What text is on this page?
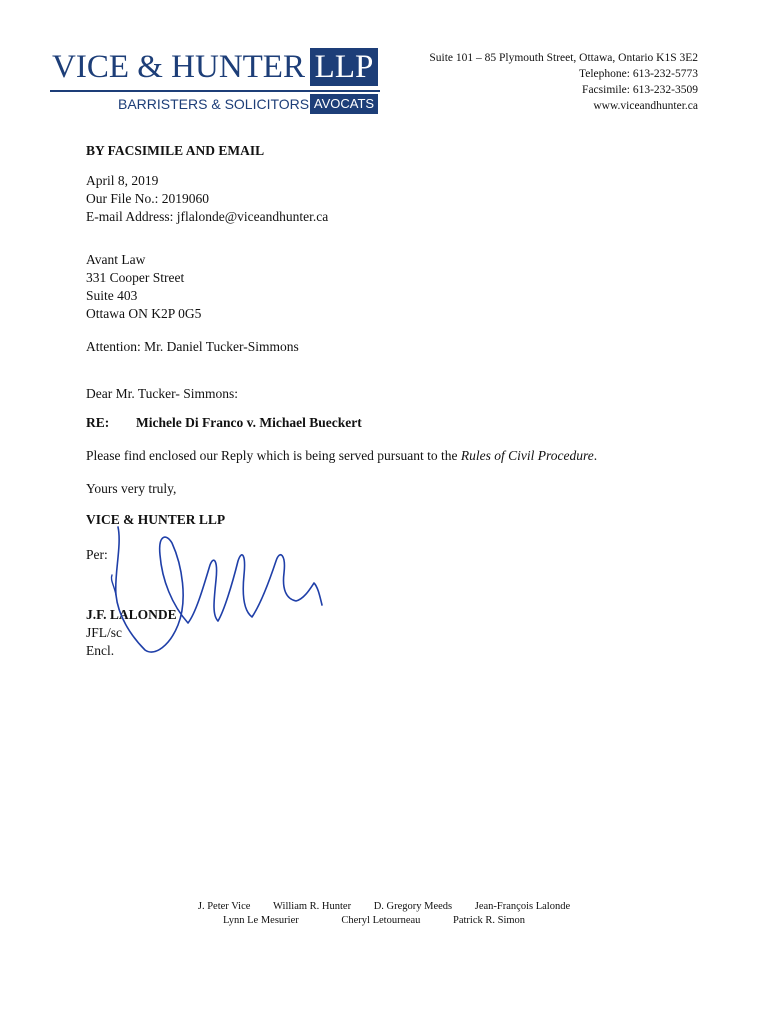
VICE & HUNTER LLP
BARRISTERS & SOLICITORS AVOCATS
Suite 101 – 85 Plymouth Street, Ottawa, Ontario K1S 3E2
Telephone: 613-232-5773
Facsimile: 613-232-3509
www.viceandhunter.ca
BY FACSIMILE AND EMAIL
April 8, 2019
Our File No.: 2019060
E-mail Address: jflalonde@viceandhunter.ca
Avant Law
331 Cooper Street
Suite 403
Ottawa ON K2P 0G5
Attention: Mr. Daniel Tucker-Simmons
Dear Mr. Tucker- Simmons:
RE: Michele Di Franco v. Michael Bueckert
Please find enclosed our Reply which is being served pursuant to the Rules of Civil Procedure.
Yours very truly,
VICE & HUNTER LLP
Per:
J.F. LALONDE
JFL/sc
Encl.
J. Peter Vice William R. Hunter D. Gregory Meeds Jean-François Lalonde
Lynn Le Mesurier	Cheryl Letourneau	Patrick R. Simon
